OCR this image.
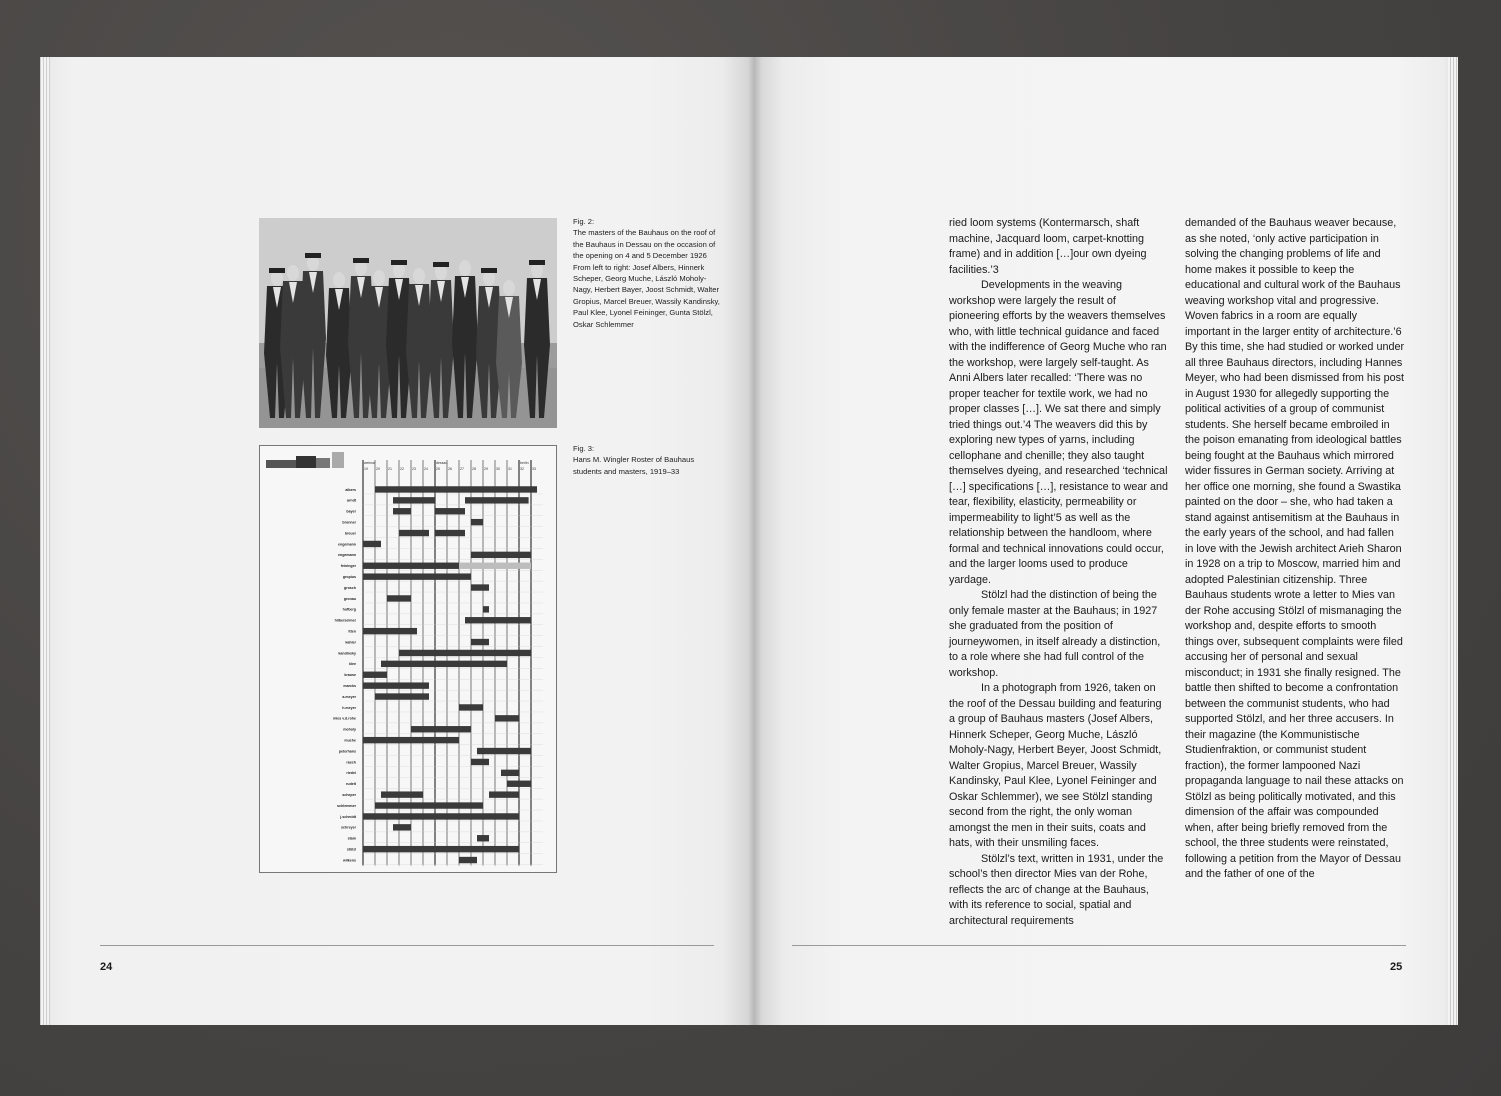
Fig. 2:

The masters of the Bauhaus on the roof of the Bauhaus in Dessau on the occasion of the opening on 4 and 5 December 1926 From left to right: Josef Albers, Hinnerk Scheper, Georg Muche, László Moholy-Nagy, Herbert Bayer, Joost Schmidt, Walter Gropius, Marcel Breuer, Wassily Kandinsky, Paul Klee, Lyonel Feininger, Gunta Stölzl, Oskar Schlemmer

weimar	dessau	berlin
19 20 21 22 23 24 25 26 27 28 29 30 31 32 33
albers
arndt
bayer
bronner
breuer
engemann
engemann
feininger
gropius
grosch
gronau
hofberg
hilberseimer
itten
kahler
kandinsky
klee
krause
marcks
a.meyer
h.meyer
mies v.d.rohe
moholy
muche
peterhans
rasch
riedel
rudelt
scheper
schlemmer
j.schmidt
schreyer
stam
stölzl
wilkens

Fig. 3:

Hans M. Wingler Roster of Bauhaus students and masters, 1919–33

24

ried loom systems (Kontermarsch, shaft machine, Jacquard loom, carpet-knotting frame) and in addition […]our own dyeing facilities.’3

Developments in the weaving workshop were largely the result of pioneering efforts by the weavers themselves who, with little technical guidance and faced with the indifference of Georg Muche who ran the workshop, were largely self-taught. As Anni Albers later recalled: ‘There was no proper teacher for textile work, we had no proper classes […]. We sat there and simply tried things out.’4 The weavers did this by exploring new types of yarns, including cellophane and chenille; they also taught themselves dyeing, and researched ‘technical […] specifications […], resistance to wear and tear, flexibility, elasticity, permeability or impermeability to light’5 as well as the relationship between the handloom, where formal and technical innovations could occur, and the larger looms used to produce yardage.

Stölzl had the distinction of being the only female master at the Bauhaus; in 1927 she graduated from the position of journeywomen, in itself already a distinction, to a role where she had full control of the workshop.

In a photograph from 1926, taken on the roof of the Dessau building and featuring a group of Bauhaus masters (Josef Albers, Hinnerk Scheper, Georg Muche, László Moholy-Nagy, Herbert Beyer, Joost Schmidt, Walter Gropius, Marcel Breuer, Wassily Kandinsky, Paul Klee, Lyonel Feininger and Oskar Schlemmer), we see Stölzl standing second from the right, the only woman amongst the men in their suits, coats and hats, with their unsmiling faces.

Stölzl’s text, written in 1931, under the school’s then director Mies van der Rohe, reflects the arc of change at the Bauhaus, with its reference to social, spatial and architectural requirements

demanded of the Bauhaus weaver because, as she noted, ‘only active participation in solving the changing problems of life and home makes it possible to keep the educational and cultural work of the Bauhaus weaving workshop vital and progressive. Woven fabrics in a room are equally important in the larger entity of architecture.’6 By this time, she had studied or worked under all three Bauhaus directors, including Hannes Meyer, who had been dismissed from his post in August 1930 for allegedly supporting the political activities of a group of communist students. She herself became embroiled in the poison emanating from ideological battles being fought at the Bauhaus which mirrored wider fissures in German society. Arriving at her office one morning, she found a Swastika painted on the door – she, who had taken a stand against antisemitism at the Bauhaus in the early years of the school, and had fallen in love with the Jewish architect Arieh Sharon in 1928 on a trip to Moscow, married him and adopted Palestinian citizenship. Three Bauhaus students wrote a letter to Mies van der Rohe accusing Stölzl of mismanaging the workshop and, despite efforts to smooth things over, subsequent complaints were filed accusing her of personal and sexual misconduct; in 1931 she finally resigned. The battle then shifted to become a confrontation between the communist students, who had supported Stölzl, and her three accusers. In their magazine (the Kommunistische Studienfraktion, or communist student fraction), the former lampooned Nazi propaganda language to nail these attacks on Stölzl as being politically motivated, and this dimension of the affair was compounded when, after being briefly removed from the school, the three students were reinstated, following a petition from the Mayor of Dessau and the father of one of the

25
